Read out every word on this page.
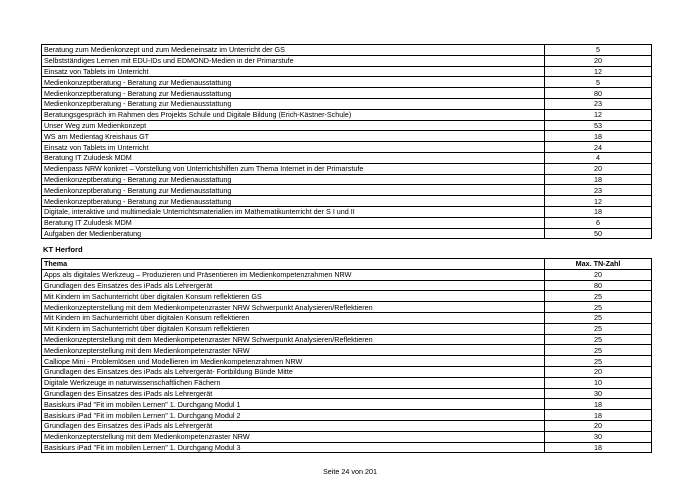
Beratung zum Medienkonzept und zum Medieneinsatz im Unterricht der GS	5
Selbstständiges Lernen mit EDU-IDs und EDMOND-Medien in der Primarstufe	20
Einsatz von Tablets im Unterricht	12
Medienkonzeptberatung - Beratung zur Medienausstattung	5
Medienkonzeptberatung - Beratung zur Medienausstattung	80
Medienkonzeptberatung - Beratung zur Medienausstattung	23
Beratungsgespräch im Rahmen des Projekts Schule und Digitale Bildung (Erich-Kästner-Schule)	12
Unser Weg zum Medienkonzept	53
WS am Medientag Kreishaus GT	18
Einsatz von Tablets im Unterricht	24
Beratung IT Zuludesk MDM	4
Medienpass NRW konkret – Vorstellung von Unterrichtshilfen zum Thema Internet in der Primarstufe	20
Medienkonzeptberatung - Beratung zur Medienausstattung	18
Medienkonzeptberatung - Beratung zur Medienausstattung	23
Medienkonzeptberatung - Beratung zur Medienausstattung	12
Digitale, interaktive und multimediale Unterrichtsmaterialien im Mathematikunterricht der S I und II	18
Beratung IT Zuludesk MDM	6
Aufgaben der Medienberatung	50
KT Herford
Thema	Max. TN-Zahl
Apps als digitales Werkzeug – Produzieren und Präsentieren im Medienkompetenzrahmen NRW	20
Grundlagen des Einsatzes des iPads als Lehrergerät	80
Mit Kindern im Sachunterricht über digitalen Konsum reflektieren GS	25
Medienkonzepterstellung mit dem Medienkompetenzraster NRW Schwerpunkt Analysieren/Reflektieren	25
Mit Kindern im Sachunterricht über digitalen Konsum reflektieren	25
Mit Kindern im Sachunterricht über digitalen Konsum reflektieren	25
Medienkonzepterstellung mit dem Medienkompetenzraster NRW Schwerpunkt Analysieren/Reflektieren	25
Medienkonzepterstellung mit dem Medienkompetenzraster NRW	25
Calliope Mini - Problemlösen und Modellieren im Medienkompetenzrahmen NRW	25
Grundlagen des Einsatzes des iPads als Lehrergerät- Fortbildung Bünde Mitte	20
Digitale Werkzeuge in naturwissenschaftlichen Fächern	10
Grundlagen des Einsatzes des iPads als Lehrergerät	30
Basiskurs iPad "Fit im mobilen Lernen" 1. Durchgang Modul 1	18
Basiskurs iPad "Fit im mobilen Lernen" 1. Durchgang Modul 2	18
Grundlagen des Einsatzes des iPads als Lehrergerät	20
Medienkonzepterstellung mit dem Medienkompetenzraster NRW	30
Basiskurs iPad "Fit im mobilen Lernen" 1. Durchgang Modul 3	18
Seite 24 von 201
